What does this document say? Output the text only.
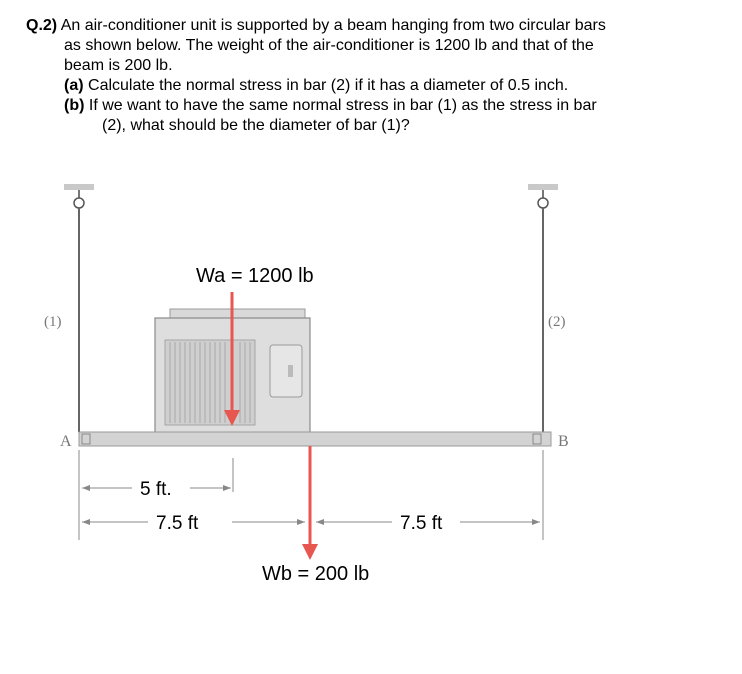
Q.2) An air-conditioner unit is supported by a beam hanging from two circular bars

as shown below. The weight of the air-conditioner is 1200 lb and that of the

beam is 200 lb.

(a) Calculate the normal stress in bar (2) if it has a diameter of 0.5 inch.

(b) If we want to have the same normal stress in bar (1) as the stress in bar

(2), what should be the diameter of bar (1)?

(1)	(2)
A	B
Wa = 1200 lb
Wb = 200 lb
5 ft.
7.5 ft	7.5 ft
